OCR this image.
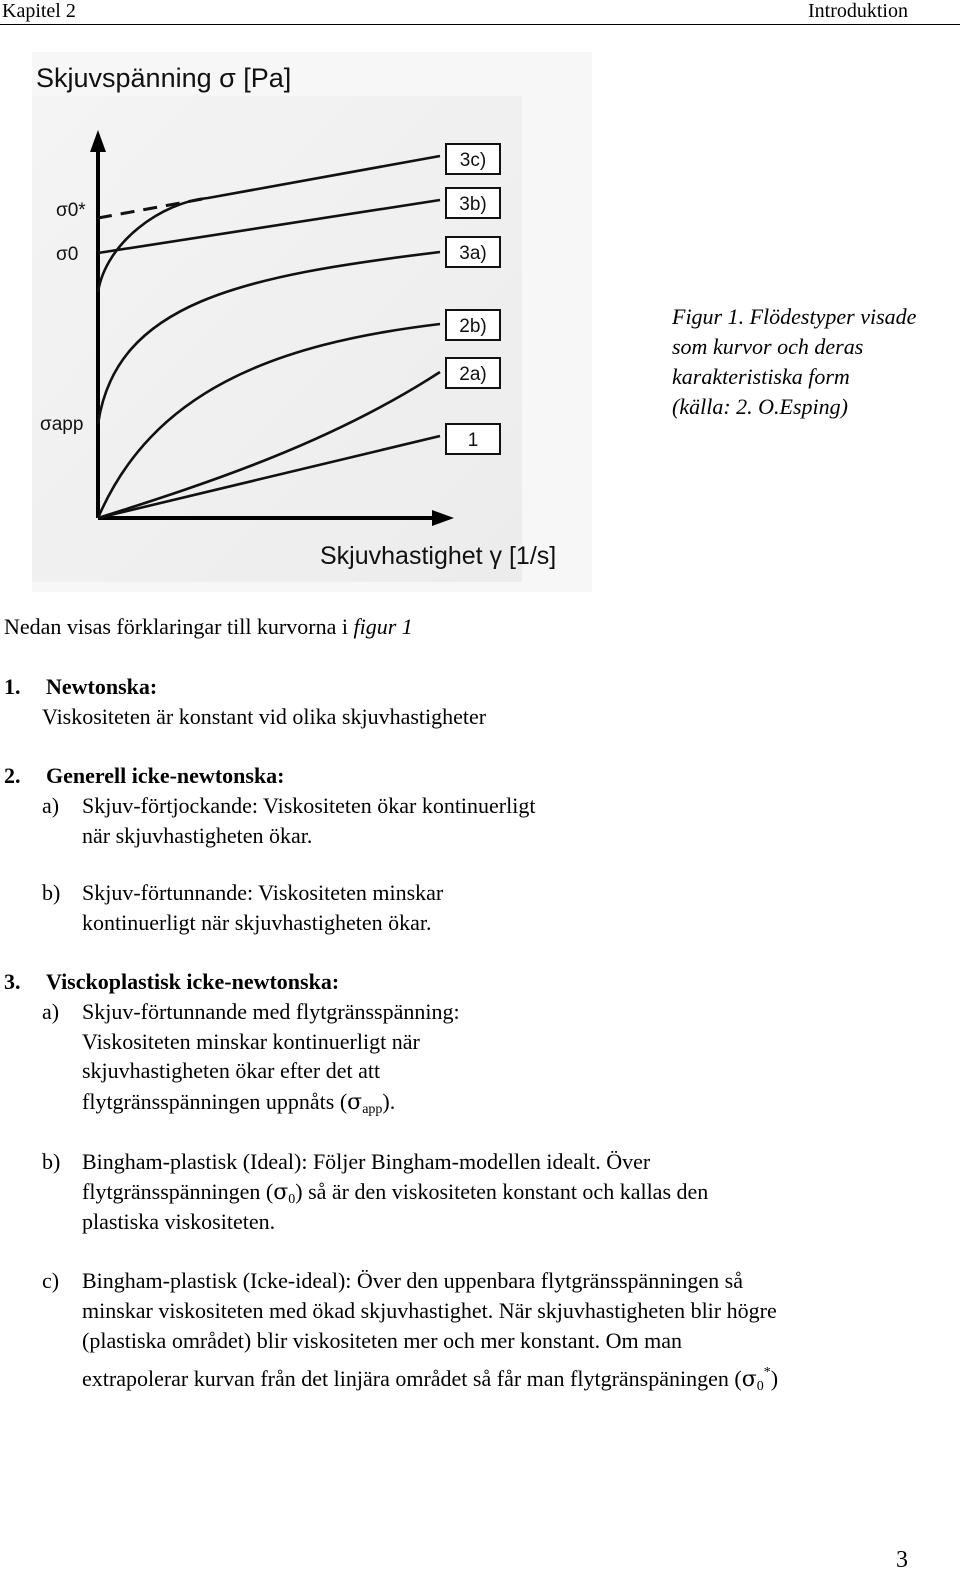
Kapitel 2	Introduktion
Skjuvspänning σ [Pa]
Skjuvhastighet γ [1/s]
σ0*
σ0
σapp
3c)
3b)
3a)
2b)
2a)
1
Figur 1. Flödestyper visade
som kurvor och deras
karakteristiska form
(källa: 2. O.Esping)
Nedan visas förklaringar till kurvorna i figur 1
1. Newtonska:
Viskositeten är konstant vid olika skjuvhastigheter
2. Generell icke-newtonska:
a) Skjuv-förtjockande: Viskositeten ökar kontinuerligt
när skjuvhastigheten ökar.
b) Skjuv-förtunnande: Viskositeten minskar
kontinuerligt när skjuvhastigheten ökar.
3. Visckoplastisk icke-newtonska:
a) Skjuv-förtunnande med flytgränsspänning:
Viskositeten minskar kontinuerligt när
skjuvhastigheten ökar efter det att
flytgränsspänningen uppnåts $(\sigma_{app})$.
b) Bingham-plastisk (Ideal): Följer Bingham-modellen idealt. Över
flytgränsspänningen $(\sigma_0)$ så är den viskositeten konstant och kallas den
plastiska viskositeten.
c) Bingham-plastisk (Icke-ideal): Över den uppenbara flytgränsspänningen så
minskar viskositeten med ökad skjuvhastighet. När skjuvhastigheten blir högre
(plastiska området) blir viskositeten mer och mer konstant. Om man
extrapolerar kurvan från det linjära området så får man flytgränspäningen $(\sigma_0^*)$
3
